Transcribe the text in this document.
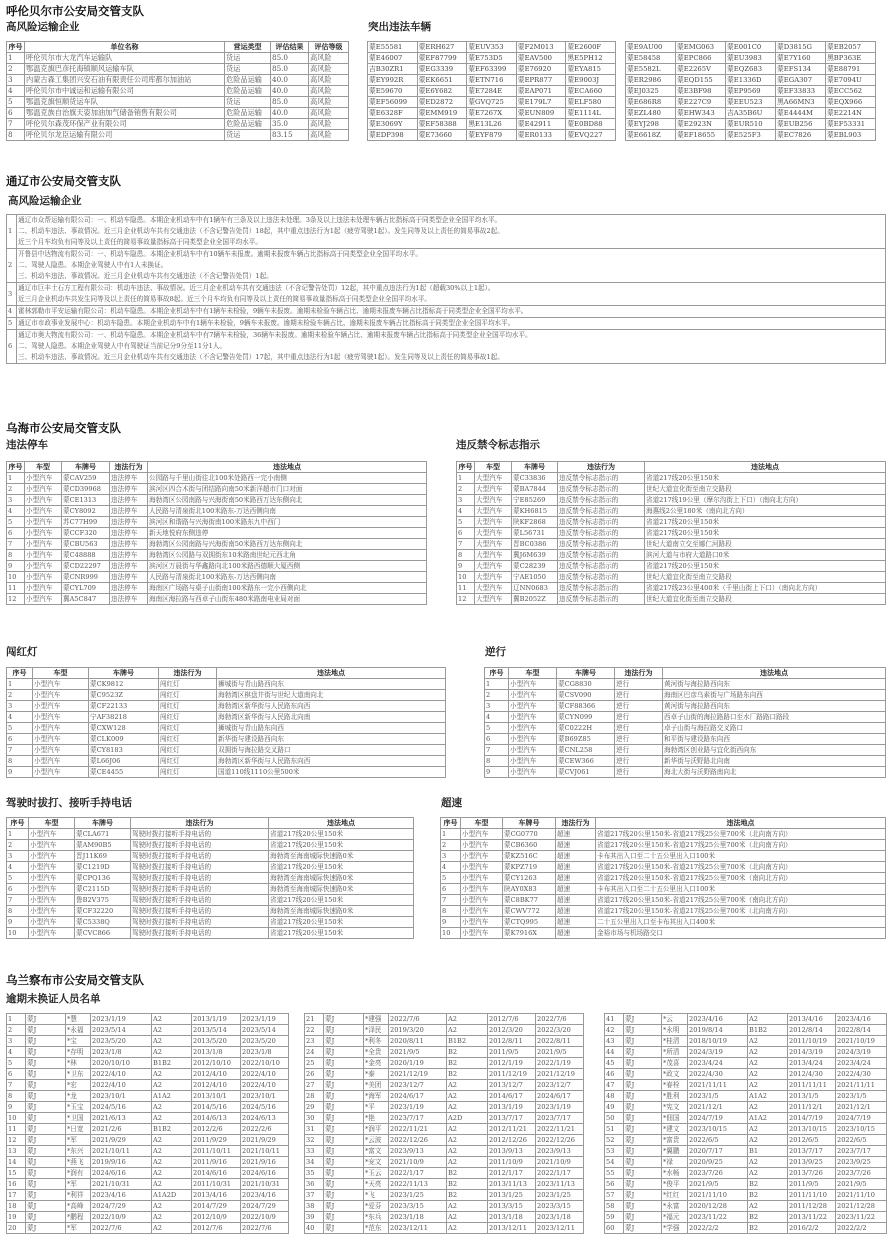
呼伦贝尔市公安局交管支队
高风险运输企业
序号	单位名称	营运类型	评估结果	评估等级
1	呼伦贝尔市大龙汽车运输队	货运	85.0	高风险
2	鄂温克旗巴彦托海镇顺风运输车队	货运	85.0	高风险
3	内蒙古森工集团兴安石油有限责任公司库都尔加油站	危险品运输	40.0	高风险
4	呼伦贝尔市中诚运和运输有限公司	危险品运输	40.0	高风险
5	鄂温克旗恒顺货运车队	货运	85.0	高风险
6	鄂温克族自治旗天姿加油加气储备销售有限公司	危险品运输	40.0	高风险
7	呼伦贝尔森茂环保产业有限公司	危险品运输	35.0	高风险
8	呼伦贝尔龙臣运输有限公司	货运	83.15	高风险
突出违法车辆
蒙E55581	蒙ERH627	蒙EUV353	蒙F2M013	蒙E2600F
蒙E46007	蒙EF87799	蒙E753D5	蒙EAV500	黑E5PH12
吉B30ZR1	蒙EG3339	蒙EF63399	蒙E76920	蒙EYA815
蒙EY992R	蒙EK6651	蒙ETN716	蒙EPR877	蒙E9003J
蒙E59670	蒙E6Y682	蒙E7284E	蒙EAP071	蒙ECA660
蒙EF56099	蒙ED2872	蒙GVQ725	蒙E179L7	蒙ELF580
蒙E6328F	蒙EMM919	蒙E7267X	蒙EUN809	蒙E1114L
蒙E3069Y	蒙EF58388	黑E13L26	蒙E42911	蒙E0BD88
蒙EDP398	蒙E73660	蒙EYF879	蒙ER0133	蒙EVQ227
蒙E9AU00	蒙EMG063	蒙E001C0	蒙D3815G	蒙EB2057
蒙E58458	蒙EPC866	蒙EU3983	蒙E7Y160	黑BP363E
蒙E5582L	蒙E2265V	蒙EQZ683	蒙EFS134	蒙E88791
蒙ER2986	蒙EQD155	蒙E1336D	蒙EGA307	蒙E7094U
蒙EJ0325	蒙E3BF98	蒙EP9569	蒙EF33833	蒙ECC562
蒙E686R8	蒙E227C9	蒙EEU523	黑A66MN3	蒙EQX966
蒙EZL480	蒙EHW343	吉A35B6U	蒙E4444M	蒙E2214N
蒙EYJ298	蒙E2923N	蒙EUR510	蒙EUB256	蒙EF53331
蒙E6618Z	蒙EF18655	蒙E525F3	蒙EC7826	蒙EBL903
通辽市公安局交管支队
高风险运输企业
1	通辽市众帮运输有限公司：一、机动车隐患。本期企业机动车中有1辆车有三条及以上违法未处理。3条及以上违法未处理车辆占比指标高于同类型企业全国平均水平。
二、机动车违法、事故情况。近三月企业机动车共有交通违法（不含记警告处罚）18起，其中重点违法行为1起（疲劳驾驶1起）。发生同等及以上责任的简易事故2起。
近三个月车均负有同等及以上责任的简易事故量指标高于同类型企业全国平均水平。

2	开鲁县中达物流有限公司：一、机动车隐患。本期企业机动车中有10辆车未报废。逾期未报废车辆占比指标高于同类型企业全国平均水平。
二、驾驶人隐患。本期企业驾驶人中有1人未换证。
三、机动车违法、事故情况。近三月企业机动车共有交通违法（不含记警告处罚）1起。

3	通辽市巨丰土石方工程有限公司：机动车违法、事故情况。近三月企业机动车共有交通违法（不含记警告处罚）12起，其中重点违法行为1起（超载30%以上1起）。
近三月企业机动车共发生同等及以上责任的简易事故8起。近三个月车均负有同等及以上责任的简易事故量指标高于同类型企业全国平均水平。

4	霍林郭勒市平安运输有限公司：机动车隐患。本期企业机动车中有1辆车未检验，9辆车未报废。逾期未检验车辆占比、逾期未报废车辆占比指标高于同类型企业全国平均水平。

5	通辽市市政事业发展中心：机动车隐患。本期企业机动车中有1辆车未检验，9辆车未报废。逾期未检验车辆占比、逾期未报废车辆占比指标高于同类型企业全国平均水平。

6	通辽市奥大物流有限公司：一、机动车隐患。本期企业机动车中有7辆车未检验，36辆车未报废。逾期未检验车辆占比、逾期未报废车辆占比指标高于同类型企业全国平均水平。
二、驾驶人隐患。本期企业驾驶人中有驾驶证当前记分9分至11分1人。
三、机动车违法、事故情况。近三月企业机动车共有交通违法（不含记警告处罚）17起，其中重点违法行为1起（疲劳驾驶1起）。发生同等及以上责任的简易事故1起。
乌海市公安局交管支队
违法停车
序号	车型	车牌号	违法行为	违法地点
1	小型汽车	蒙CAV259	违法停车	公园路与千里山街往北100米处路西一完小南侧
2	小型汽车	蒙CD39968	违法停车	滨河区四合木街与团结路向南50米新洋超市门口对面
3	小型汽车	蒙CE1313	违法停车	海勃湾区公园南路与兴海街南50米路西万达东侧向北
4	小型汽车	蒙CY8092	违法停车	人民路与清泉街北100米路东-万达西侧向南
5	小型汽车	苏C77H99	违法停车	滨河区和谐路与兴海街南100米路东九中西门
6	小型汽车	蒙CCF320	违法停车	新天地悦府东侧违停
7	小型汽车	蒙CBU563	违法停车	海勃湾区公园南路与兴海街南50米路西万达东侧向北
8	小型汽车	蒙C48888	违法停车	海勃湾区公园路与双拥街东10米路南世纪元西北角
9	小型汽车	蒙CD22297	违法停车	滨河区万晨街与华鑫路向北100米路西德顺大厦西侧
10	小型汽车	蒙CNR999	违法停车	人民路与清泉街北100米路东-万达西侧向南
11	小型汽车	蒙CYL709	违法停车	海南区广场路与桌子山街南100米路东一完小西侧向北
12	小型汽车	冀A5C847	违法停车	海南区海拉路与西卓子山街东480米路南电业局对面
违反禁令标志指示
序号	车型	车牌号	违法行为	违法地点
1	大型汽车	蒙C33836	违反禁令标志指示的	省道217线20公里150米
2	大型汽车	蒙BA7844	违反禁令标志指示的	世纪大道宜化街至南立交路段
3	大型汽车	宁E85269	违反禁令标志指示的	省道217线19公里（摩尔沟街上下口）（南向北方向）
4	大型汽车	蒙KH6815	违反禁令标志指示的	海惠线2公里180米（南向北方向）
5	大型汽车	陕KF2868	违反禁令标志指示的	省道217线20公里150米
6	大型汽车	蒙L56731	违反禁令标志指示的	省道217线20公里150米
7	大型汽车	晋BC0386	违反禁令标志指示的	世纪大道南立交至娜仁河路段
8	大型汽车	冀J6M639	违反禁令标志指示的	滨河大道与市府大道路口0米
9	大型汽车	蒙C28239	违反禁令标志指示的	省道217线20公里150米
10	大型汽车	宁AE1050	违反禁令标志指示的	世纪大道宜化街至南立交路段
11	大型汽车	辽NN0683	违反禁令标志指示的	省道217线23公里400米（千里山街上下口）（南向北方向）
12	大型汽车	冀B2052Z	违反禁令标志指示的	世纪大道宜化街至南立交路段
闯红灯
序号	车型	车牌号	违法行为	违法地点
1	小型汽车	蒙CK9812	闯红灯	狮城街与青山路西向东
2	小型汽车	蒙C9523Z	闯红灯	海勃湾区棋盘井街与世纪大道南向北
3	小型汽车	蒙CF22133	闯红灯	海勃湾区新华街与人民路东向西
4	小型汽车	宁AF38218	闯红灯	海勃湾区新华街与人民路北向南
5	小型汽车	蒙CXW128	闯红灯	狮城街与青山路东向西
6	小型汽车	蒙CLK009	闯红灯	新华街与建设路西向东
7	小型汽车	蒙CY8183	闯红灯	双拥街与海拉路交叉路口
8	小型汽车	蒙L66J06	闯红灯	海勃湾区新华街与人民路东向西
9	小型汽车	蒙CE4455	闯红灯	国道110线1110公里500米
逆行
序号	车型	车牌号	违法行为	违法地点
1	小型汽车	蒙CG8830	逆行	黄河街与海拉路西向东
2	小型汽车	蒙CSV090	逆行	海南区巴彦乌素街与广场路东向西
3	小型汽车	蒙CF88366	逆行	黄河街与海拉路西向东
4	小型汽车	蒙CYN099	逆行	西卓子山街的海拉路路口至水厂路路口路段
5	小型汽车	蒙C0222H	逆行	卓子山街与海拉路交叉路口
6	小型汽车	蒙B69Z85	逆行	和平街与建设路东向西
7	小型汽车	蒙CNL258	逆行	海勃湾区创业路与宜化街西向东
8	小型汽车	蒙CEW366	逆行	新华街与沃野路北向南
9	小型汽车	蒙CVJ061	逆行	海北大街与沃野路南向北
驾驶时拔打、接听手持电话
序号	车型	车牌号	违法行为	违法地点
1	小型汽车	蒙CLA671	驾驶时拨打接听手持电话的	省道217线20公里150米
2	小型汽车	蒙AM90B5	驾驶时拨打接听手持电话的	省道217线20公里150米
3	小型汽车	晋J11K69	驾驶时拨打接听手持电话的	海勃湾至海南城际快速路0米
4	小型汽车	蒙C1219D	驾驶时拨打接听手持电话的	省道217线20公里150米
5	小型汽车	蒙CPQ136	驾驶时拨打接听手持电话的	海勃湾至海南城际快速路0米
6	小型汽车	蒙C2115D	驾驶时拨打接听手持电话的	海勃湾至海南城际快速路0米
7	小型汽车	鲁B2V375	驾驶时拨打接听手持电话的	省道217线20公里150米
8	小型汽车	蒙CF32220	驾驶时拨打接听手持电话的	海勃湾至海南城际快速路0米
9	小型汽车	蒙C5338Q	驾驶时拨打接听手持电话的	省道217线20公里150米
10	小型汽车	蒙CVC866	驾驶时拨打接听手持电话的	省道217线20公里150米
超速
序号	车型	车牌号	违法行为	违法地点
1	小型汽车	蒙CG0770	超速	省道217线20公里150米-省道217线25公里700米（北向南方向）
2	小型汽车	蒙CB6360	超速	省道217线20公里150米-省道217线25公里700米（北向南方向）
3	小型汽车	蒙KZ516C	超速	卡布其出入口至二十五公里出入口100米
4	小型汽车	蒙KPZ719	超速	省道217线20公里150米-省道217线25公里700米（北向南方向）
5	小型汽车	蒙CY1263	超速	省道217线20公里150米-省道217线25公里700米（南向北方向）
6	小型汽车	陕AY0X83	超速	卡布其出入口至二十五公里出入口100米
7	小型汽车	蒙C8BK77	超速	省道217线20公里150米-省道217线25公里700米（南向北方向）
8	小型汽车	蒙CWV772	超速	省道217线20公里150米-省道217线25公里700米（北向南方向）
9	小型汽车	蒙CTQ995	超速	二十五公里出入口至卡布其出入口400米
10	小型汽车	蒙K7916X	超速	金裕市场与机场路交口
乌兰察布市公安局交管支队
逾期未换证人员名单
1	蒙J	*慧	2023/1/19	A2	2013/1/19	2023/1/19
2	蒙J	*永福	2023/5/14	A2	2013/5/14	2023/5/14
3	蒙J	*宝	2023/5/20	A2	2013/5/20	2023/5/20
4	蒙J	*存明	2023/1/8	A2	2013/1/8	2023/1/8
5	蒙J	*林	2020/10/10	B1B2	2012/10/10	2022/10/10
6	蒙J	*卫东	2022/4/10	A2	2012/4/10	2022/4/10
7	蒙J	*宏	2022/4/10	A2	2012/4/10	2022/4/10
8	蒙J	*龙	2023/10/1	A1A2	2013/10/1	2023/10/1
9	蒙J	*玉宝	2024/5/16	A2	2014/5/16	2024/5/16
10	蒙J	*卫国	2021/6/13	A2	2014/6/13	2024/6/13
11	蒙J	*日宽	2021/2/6	B1B2	2012/2/6	2022/2/6
12	蒙J	*军	2021/9/29	A2	2011/9/29	2021/9/29
13	蒙J	*东兴	2021/10/11	A2	2011/10/11	2021/10/11
14	蒙J	*燕飞	2019/9/16	A2	2011/9/16	2021/9/16
15	蒙J	*润有	2024/6/16	A2	2014/6/16	2024/6/16
16	蒙J	*军	2021/10/31	A2	2011/10/31	2021/10/31
17	蒙J	*利祥	2023/4/16	A1A2D	2013/4/16	2023/4/16
18	蒙J	*高峰	2024/7/29	A2	2014/7/29	2024/7/29
19	蒙J	*鹏程	2022/10/9	A2	2012/10/9	2022/10/9
20	蒙J	*军	2022/7/6	A2	2012/7/6	2022/7/6
21	蒙J	*建强	2022/7/6	A2	2012/7/6	2022/7/6
22	蒙J	*泽民	2019/3/20	A2	2012/3/20	2022/3/20
23	蒙J	*利冬	2020/8/11	B1B2	2012/8/11	2022/8/11
24	蒙J	*全贵	2021/9/5	B2	2011/9/5	2021/9/5
25	蒙J	*金亮	2020/1/19	B2	2012/1/19	2022/1/19
26	蒙J	*泰	2021/12/19	B2	2011/12/19	2021/12/19
27	蒙J	*美团	2023/12/7	A2	2013/12/7	2023/12/7
28	蒙J	*海军	2024/6/17	A2	2014/6/17	2024/6/17
29	蒙J	*平	2023/1/19	A2	2013/1/19	2023/1/19
30	蒙J	*艳	2023/7/17	A2D	2013/7/17	2023/7/17
31	蒙J	*润平	2022/11/21	A2	2012/11/21	2022/11/21
32	蒙J	*云波	2022/12/26	A2	2012/12/26	2022/12/26
33	蒙J	*富文	2023/9/13	A2	2013/9/13	2023/9/13
34	蒙J	*宠文	2021/10/9	A2	2011/10/9	2021/10/9
35	蒙J	*玉云	2022/1/17	B2	2012/1/17	2022/1/17
36	蒙J	*天亮	2022/11/13	B2	2013/11/13	2023/11/13
37	蒙J	*飞	2023/1/25	B2	2013/1/25	2023/1/25
38	蒙J	*爱芬	2023/3/15	A2	2013/3/15	2023/3/15
39	蒙J	*东兵	2023/1/18	A2	2013/1/18	2023/1/18
40	蒙J	*范东	2023/12/11	A2	2013/12/11	2023/12/11
41	蒙J	*云	2023/4/16	A2	2013/4/16	2023/4/16
42	蒙J	*永明	2019/8/14	B1B2	2012/8/14	2022/8/14
43	蒙J	*桂清	2018/10/19	A2	2011/10/19	2021/10/19
44	蒙J	*所清	2024/3/19	A2	2014/3/19	2024/3/19
45	蒙J	*茂喜	2023/4/24	A2	2013/4/24	2023/4/24
46	蒙J	*政文	2022/4/30	A2	2012/4/30	2022/4/30
47	蒙J	*春栓	2021/11/11	A2	2011/11/11	2021/11/11
48	蒙J	*胜利	2023/1/5	A1A2	2013/1/5	2023/1/5
49	蒙J	*宪文	2021/12/1	A2	2011/12/1	2021/12/1
50	蒙J	*佃国	2024/7/19	A1A2	2014/7/19	2024/7/19
51	蒙J	*建文	2023/10/15	A2	2013/10/15	2023/10/15
52	蒙J	*富贵	2022/6/5	A2	2012/6/5	2022/6/5
53	蒙J	*翼鹏	2020/7/17	B1	2013/7/17	2023/7/17
54	蒙J	*禄	2020/9/25	A2	2013/9/25	2023/9/25
55	蒙J	*水畅	2023/7/26	A2	2013/7/26	2023/7/26
56	蒙J	*俊平	2021/9/5	B2	2011/9/5	2021/9/5
57	蒙J	*红红	2021/11/10	B2	2011/11/10	2021/11/10
58	蒙J	*永富	2020/12/28	A2	2011/12/28	2021/12/28
59	蒙J	*福元	2023/11/22	B2	2013/11/22	2023/11/22
60	蒙J	*学强	2022/2/2	B2	2016/2/2	2022/2/2
